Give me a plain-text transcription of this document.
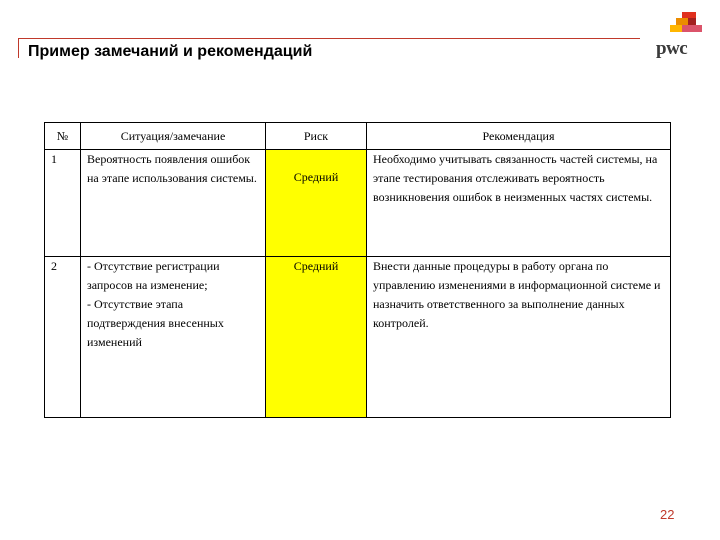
Пример замечаний и рекомендаций	pwc
№	Ситуация/замечание	Риск	Рекомендация
1	Вероятность появления ошибок на этапе использования системы.	Средний	Необходимо учитывать связанность частей системы, на этапе тестирования отслеживать вероятность возникновения ошибок в неизменных частях системы.
2	- Отсутствие регистрации запросов на изменение;
- Отсутствие этапа подтверждения внесенных изменений	Средний	Внести данные процедуры в работу органа по управлению изменениями в информационной системе и назначить ответственного за выполнение данных контролей.
22
